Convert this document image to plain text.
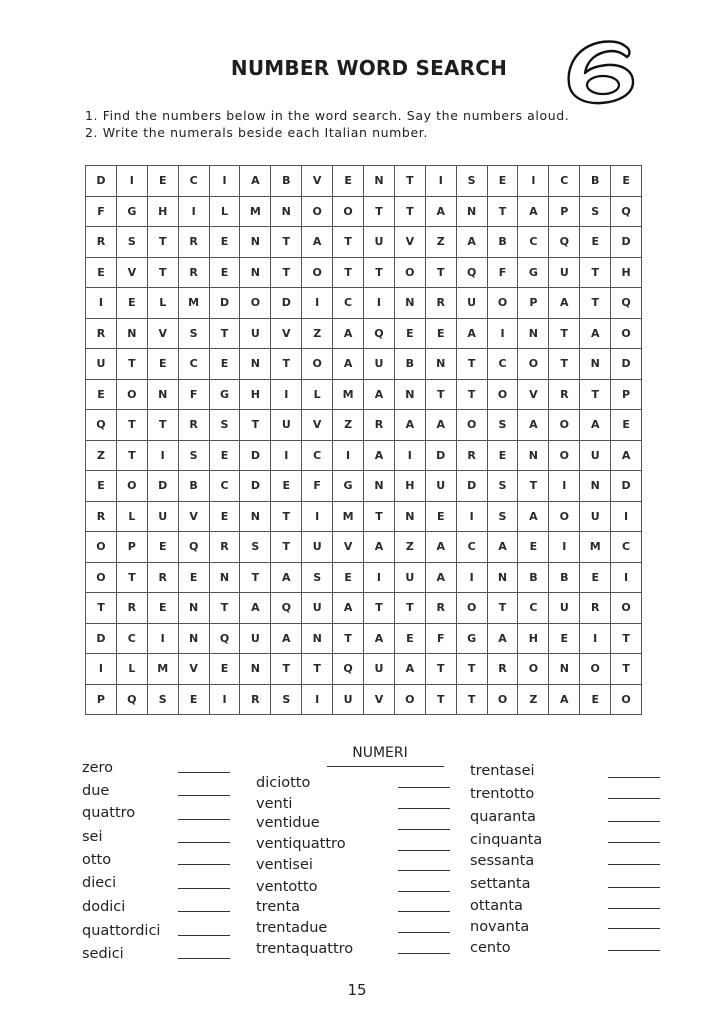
NUMBER WORD SEARCH
1. Find the numbers below in the word search. Say the numbers aloud.
2. Write the numerals beside each Italian number.
D	I	E	C	I	A	B	V	E	N	T	I	S	E	I	C	B	E
F	G	H	I	L	M	N	O	O	T	T	A	N	T	A	P	S	Q
R	S	T	R	E	N	T	A	T	U	V	Z	A	B	C	Q	E	D
E	V	T	R	E	N	T	O	T	T	O	T	Q	F	G	U	T	H
I	E	L	M	D	O	D	I	C	I	N	R	U	O	P	A	T	Q
R	N	V	S	T	U	V	Z	A	Q	E	E	A	I	N	T	A	O
U	T	E	C	E	N	T	O	A	U	B	N	T	C	O	T	N	D
E	O	N	F	G	H	I	L	M	A	N	T	T	O	V	R	T	P
Q	T	T	R	S	T	U	V	Z	R	A	A	O	S	A	O	A	E
Z	T	I	S	E	D	I	C	I	A	I	D	R	E	N	O	U	A
E	O	D	B	C	D	E	F	G	N	H	U	D	S	T	I	N	D
R	L	U	V	E	N	T	I	M	T	N	E	I	S	A	O	U	I
O	P	E	Q	R	S	T	U	V	A	Z	A	C	A	E	I	M	C
O	T	R	E	N	T	A	S	E	I	U	A	I	N	B	B	E	I
T	R	E	N	T	A	Q	U	A	T	T	R	O	T	C	U	R	O
D	C	I	N	Q	U	A	N	T	A	E	F	G	A	H	E	I	T
I	L	M	V	E	N	T	T	Q	U	A	T	T	R	O	N	O	T
P	Q	S	E	I	R	S	I	U	V	O	T	T	O	Z	A	E	O
NUMERI
zero
due
quattro
sei
otto
dieci
dodici
quattordici
sedici
diciotto
venti
ventidue
ventiquattro
ventisei
ventotto
trenta
trentadue
trentaquattro
trentasei
trentotto
quaranta
cinquanta
sessanta
settanta
ottanta
novanta
cento
15
